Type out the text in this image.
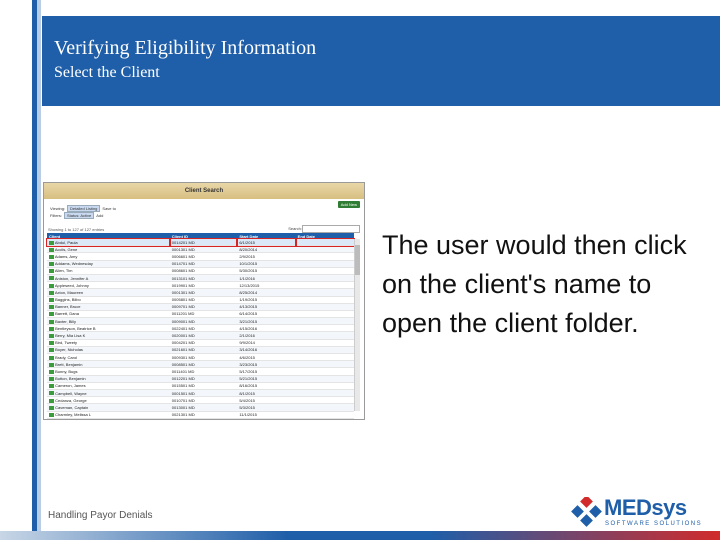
Verifying Eligibility Information
Select the Client
Client Search
Viewing:	Detailed Listing	Save to
Filters:	Status: Active	Add
Add New
Showing 1 to 127 of 127 entries	Search:
Client	Client ID	Start Date	End Date
Abdul, Paula	0014201 MD	6/1/2015	
Acclis, Gene	0001301 MD	8/20/2014	
Adams, Amy	0006601 MD	2/9/2015	
Addams, Wednesday	0014701 MD	10/1/2015	
Allen, Tim	0008601 MD	5/30/2015	
Aniston, Jennifer A	0013101 MD	1/1/2016	
Appleseed, Johnny	0019901 MD	12/13/2015	
Axton, Maureen	0001301 MD	8/25/2014	
Baggins, Bilbo	0005801 MD	1/19/2015	
Banner, Bruce	0009701 MD	4/13/2015	
Barrett, Dana	0011201 MD	6/14/2015	
Baxter, Billy	0009001 MD	3/21/2015	
Bentleyson, Beatrice B	0022401 MD	4/15/2016	
Berry, Mia Lisa K	0020001 MD	2/1/2016	
Bird, Tweety	0004201 MD	9/9/2014	
Boyer, Nicholas	0021601 MD	3/14/2016	
Brady, Carol	0009301 MD	4/6/2015	
Brett, Benjamin	0008501 MD	3/23/2015	
Bunny, Bugs	0011401 MD	5/17/2015	
Button, Benjamin	0012201 MD	5/21/2015	
Cameron, James	0015501 MD	8/16/2015	
Campbell, Wayne	0001501 MD	8/1/2015	
Cedanza, George	0010701 MD	5/4/2015	
Caveman, Captain	0013001 MD	5/3/2015	
Charmley, Melissa L	0021301 MD	11/1/2015	
The user would then click on the client's name to open the client folder.
Handling Payor Denials	MEDsys
SOFTWARE SOLUTIONS
